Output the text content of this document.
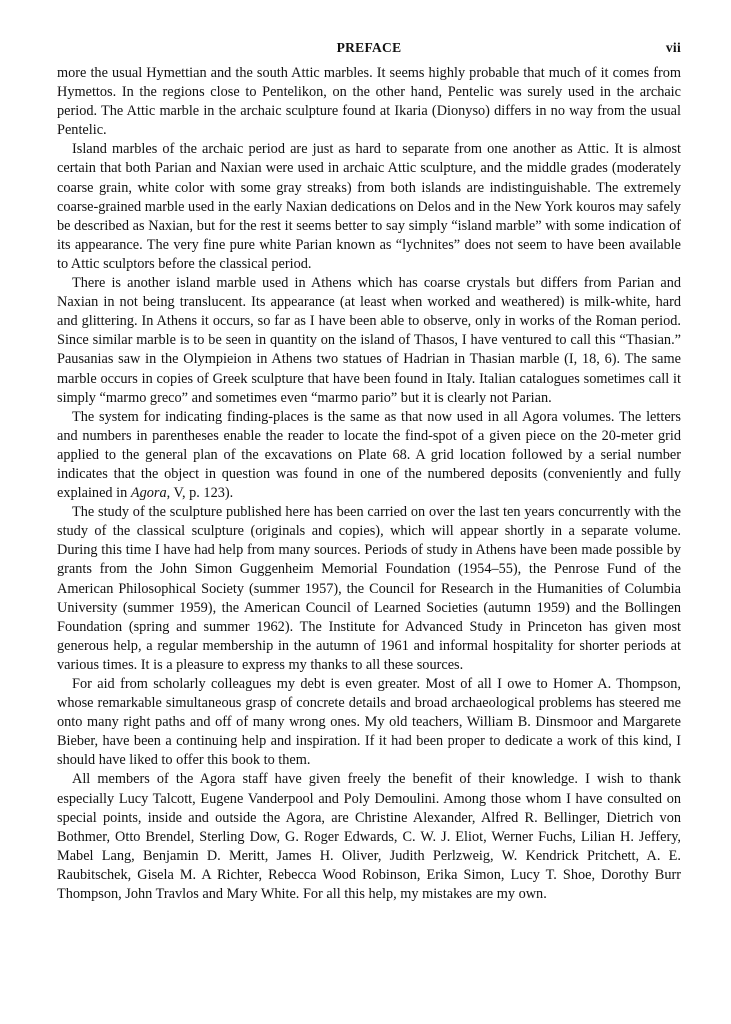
PREFACE	vii

more the usual Hymettian and the south Attic marbles. It seems highly probable that much of it comes from Hymettos. In the regions close to Pentelikon, on the other hand, Pentelic was surely used in the archaic period. The Attic marble in the archaic sculpture found at Ikaria (Dionyso) differs in no way from the usual Pentelic.

Island marbles of the archaic period are just as hard to separate from one another as Attic. It is almost certain that both Parian and Naxian were used in archaic Attic sculpture, and the middle grades (moderately coarse grain, white color with some gray streaks) from both islands are indistinguishable. The extremely coarse-grained marble used in the early Naxian dedications on Delos and in the New York kouros may safely be described as Naxian, but for the rest it seems better to say simply “island marble” with some indication of its appearance. The very fine pure white Parian known as “lychnites” does not seem to have been available to Attic sculptors before the classical period.

There is another island marble used in Athens which has coarse crystals but differs from Parian and Naxian in not being translucent. Its appearance (at least when worked and weathered) is milk-white, hard and glittering. In Athens it occurs, so far as I have been able to observe, only in works of the Roman period. Since similar marble is to be seen in quantity on the island of Thasos, I have ventured to call this “Thasian.” Pausanias saw in the Olympieion in Athens two statues of Hadrian in Thasian marble (I, 18, 6). The same marble occurs in copies of Greek sculpture that have been found in Italy. Italian catalogues sometimes call it simply “marmo greco” and sometimes even “marmo pario” but it is clearly not Parian.

The system for indicating finding-places is the same as that now used in all Agora volumes. The letters and numbers in parentheses enable the reader to locate the find-spot of a given piece on the 20-meter grid applied to the general plan of the excavations on Plate 68. A grid location followed by a serial number indicates that the object in question was found in one of the numbered deposits (conveniently and fully explained in Agora, V, p. 123).

The study of the sculpture published here has been carried on over the last ten years concurrently with the study of the classical sculpture (originals and copies), which will appear shortly in a separate volume. During this time I have had help from many sources. Periods of study in Athens have been made possible by grants from the John Simon Guggenheim Memorial Foundation (1954–55), the Penrose Fund of the American Philosophical Society (summer 1957), the Council for Research in the Humanities of Columbia University (summer 1959), the American Council of Learned Societies (autumn 1959) and the Bollingen Foundation (spring and summer 1962). The Institute for Advanced Study in Princeton has given most generous help, a regular membership in the autumn of 1961 and informal hospitality for shorter periods at various times. It is a pleasure to express my thanks to all these sources.

For aid from scholarly colleagues my debt is even greater. Most of all I owe to Homer A. Thompson, whose remarkable simultaneous grasp of concrete details and broad archaeological problems has steered me onto many right paths and off of many wrong ones. My old teachers, William B. Dinsmoor and Margarete Bieber, have been a continuing help and inspiration. If it had been proper to dedicate a work of this kind, I should have liked to offer this book to them.

All members of the Agora staff have given freely the benefit of their knowledge. I wish to thank especially Lucy Talcott, Eugene Vanderpool and Poly Demoulini. Among those whom I have consulted on special points, inside and outside the Agora, are Christine Alexander, Alfred R. Bellinger, Dietrich von Bothmer, Otto Brendel, Sterling Dow, G. Roger Edwards, C. W. J. Eliot, Werner Fuchs, Lilian H. Jeffery, Mabel Lang, Benjamin D. Meritt, James H. Oliver, Judith Perlzweig, W. Kendrick Pritchett, A. E. Raubitschek, Gisela M. A Richter, Rebecca Wood Robinson, Erika Simon, Lucy T. Shoe, Dorothy Burr Thompson, John Travlos and Mary White. For all this help, my mistakes are my own.
